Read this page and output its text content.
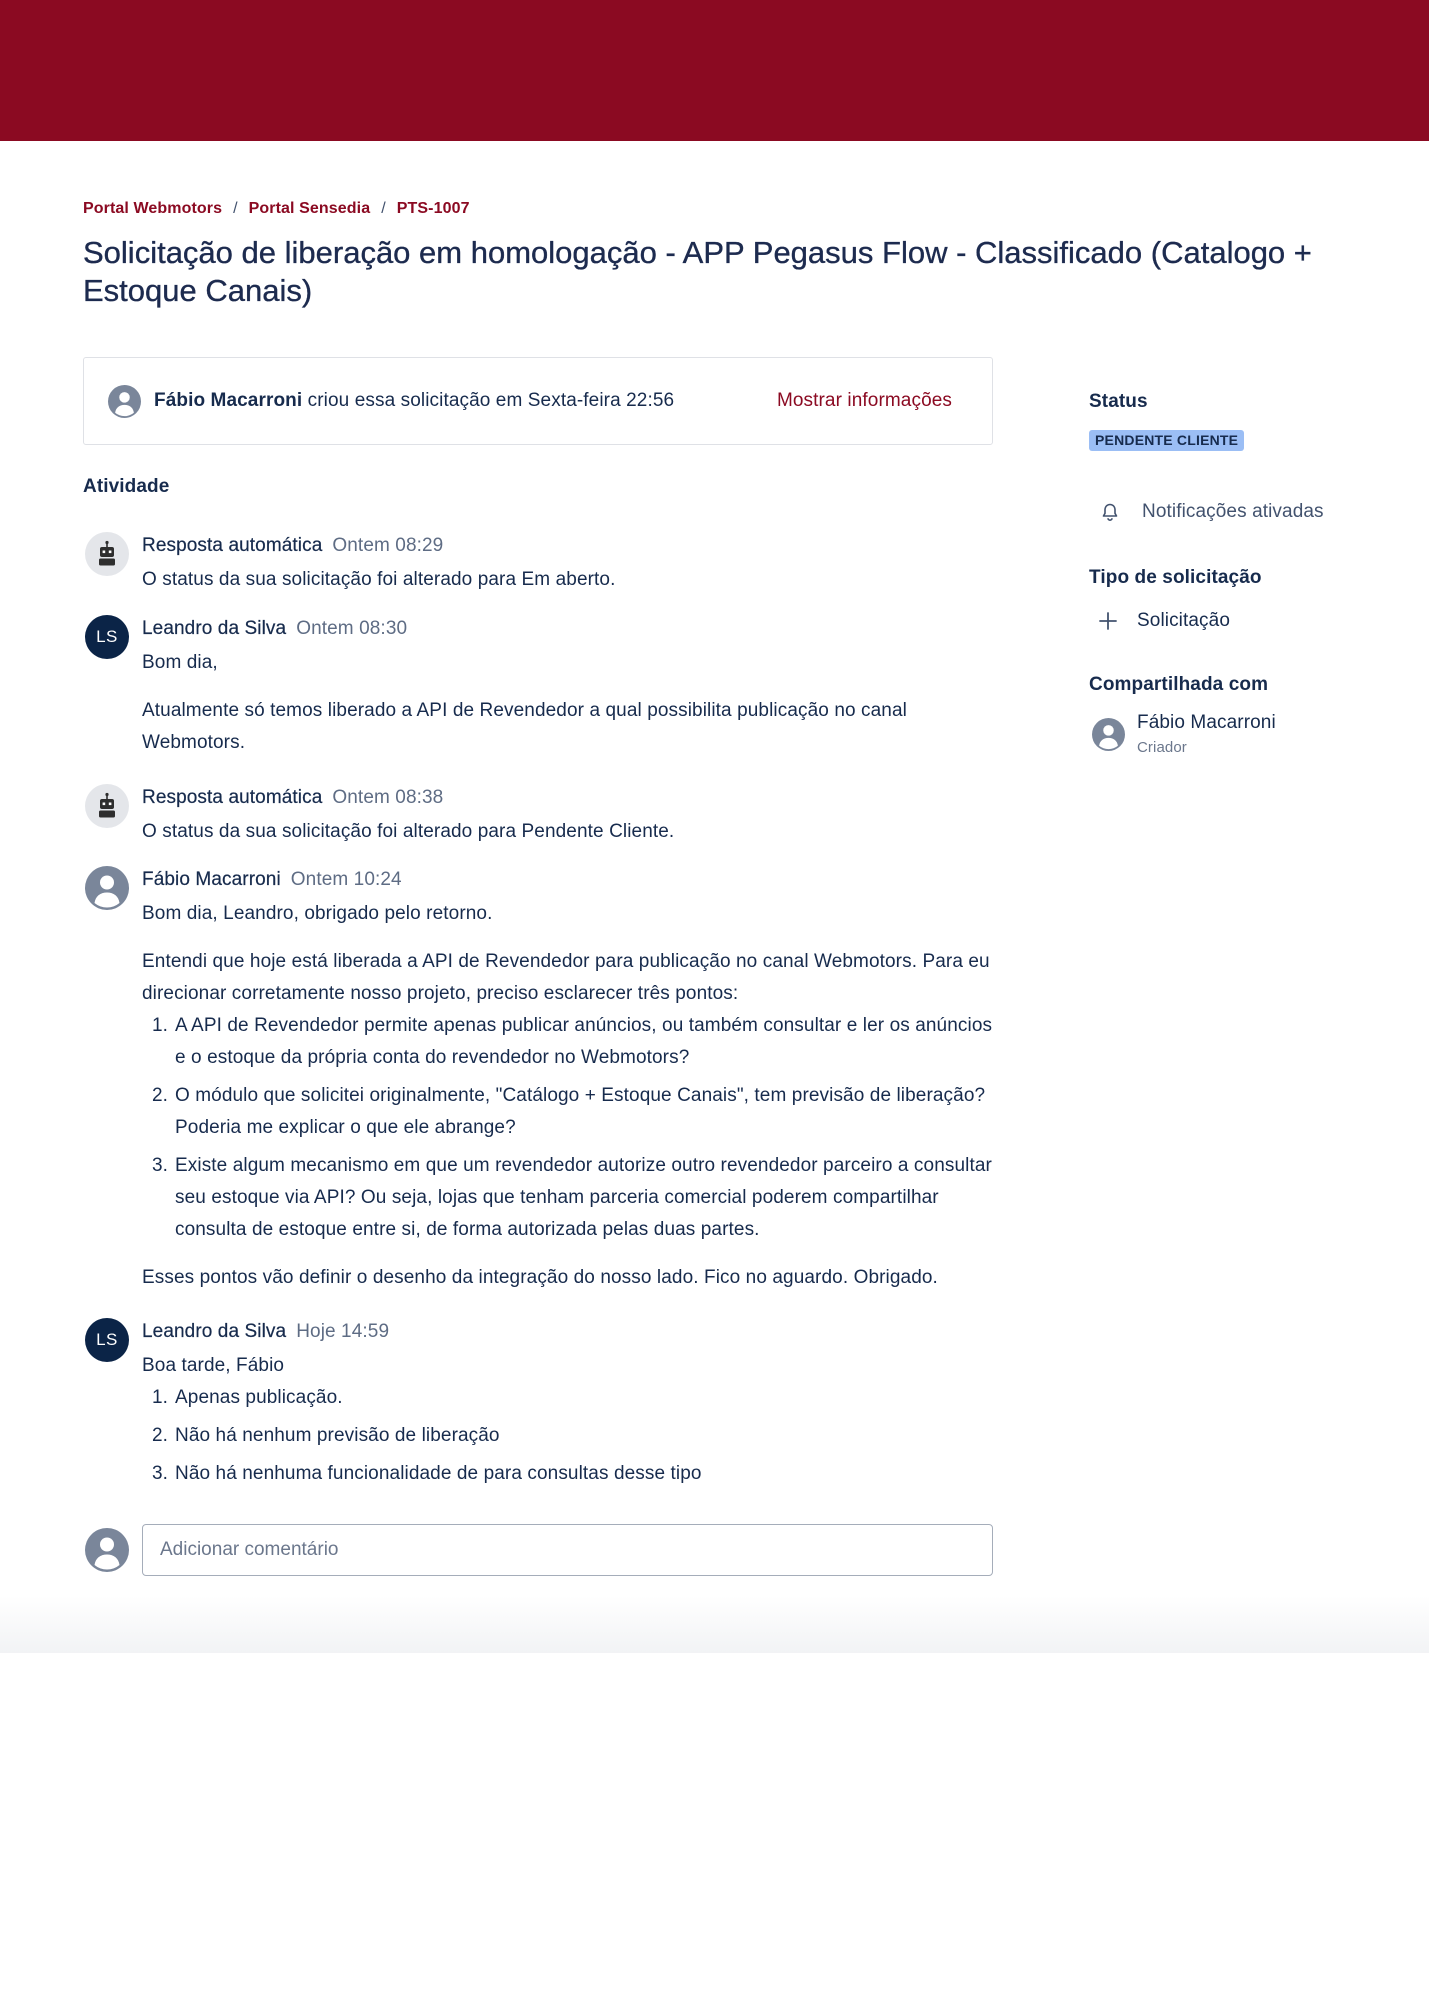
Portal Webmotors / Portal Sensedia / PTS-1007
Solicitação de liberação em homologação - APP Pegasus Flow - Classificado (Catalogo + Estoque Canais)
Fábio Macarroni criou essa solicitação em Sexta-feira 22:56	Mostrar informações
Atividade
Resposta automática Ontem 08:29

O status da sua solicitação foi alterado para Em aberto.

LS	Leandro da Silva Ontem 08:30

Bom dia,

Atualmente só temos liberado a API de Revendedor a qual possibilita publicação no canal Webmotors.

Resposta automática Ontem 08:38

O status da sua solicitação foi alterado para Pendente Cliente.

Fábio Macarroni Ontem 10:24

Bom dia, Leandro, obrigado pelo retorno.

Entendi que hoje está liberada a API de Revendedor para publicação no canal Webmotors. Para eu direcionar corretamente nosso projeto, preciso esclarecer três pontos:

1. A API de Revendedor permite apenas publicar anúncios, ou também consultar e ler os anúncios e o estoque da própria conta do revendedor no Webmotors?
2. O módulo que solicitei originalmente, "Catálogo + Estoque Canais", tem previsão de liberação? Poderia me explicar o que ele abrange?
3. Existe algum mecanismo em que um revendedor autorize outro revendedor parceiro a consultar seu estoque via API? Ou seja, lojas que tenham parceria comercial poderem compartilhar consulta de estoque entre si, de forma autorizada pelas duas partes.

Esses pontos vão definir o desenho da integração do nosso lado. Fico no aguardo. Obrigado.

LS	Leandro da Silva Hoje 14:59

Boa tarde, Fábio

1. Apenas publicação.
2. Não há nenhum previsão de liberação
3. Não há nenhuma funcionalidade de para consultas desse tipo
Adicionar comentário
Status
PENDENTE CLIENTE
Notificações ativadas
Tipo de solicitação
Solicitação
Compartilhada com
Fábio Macarroni
Criador
